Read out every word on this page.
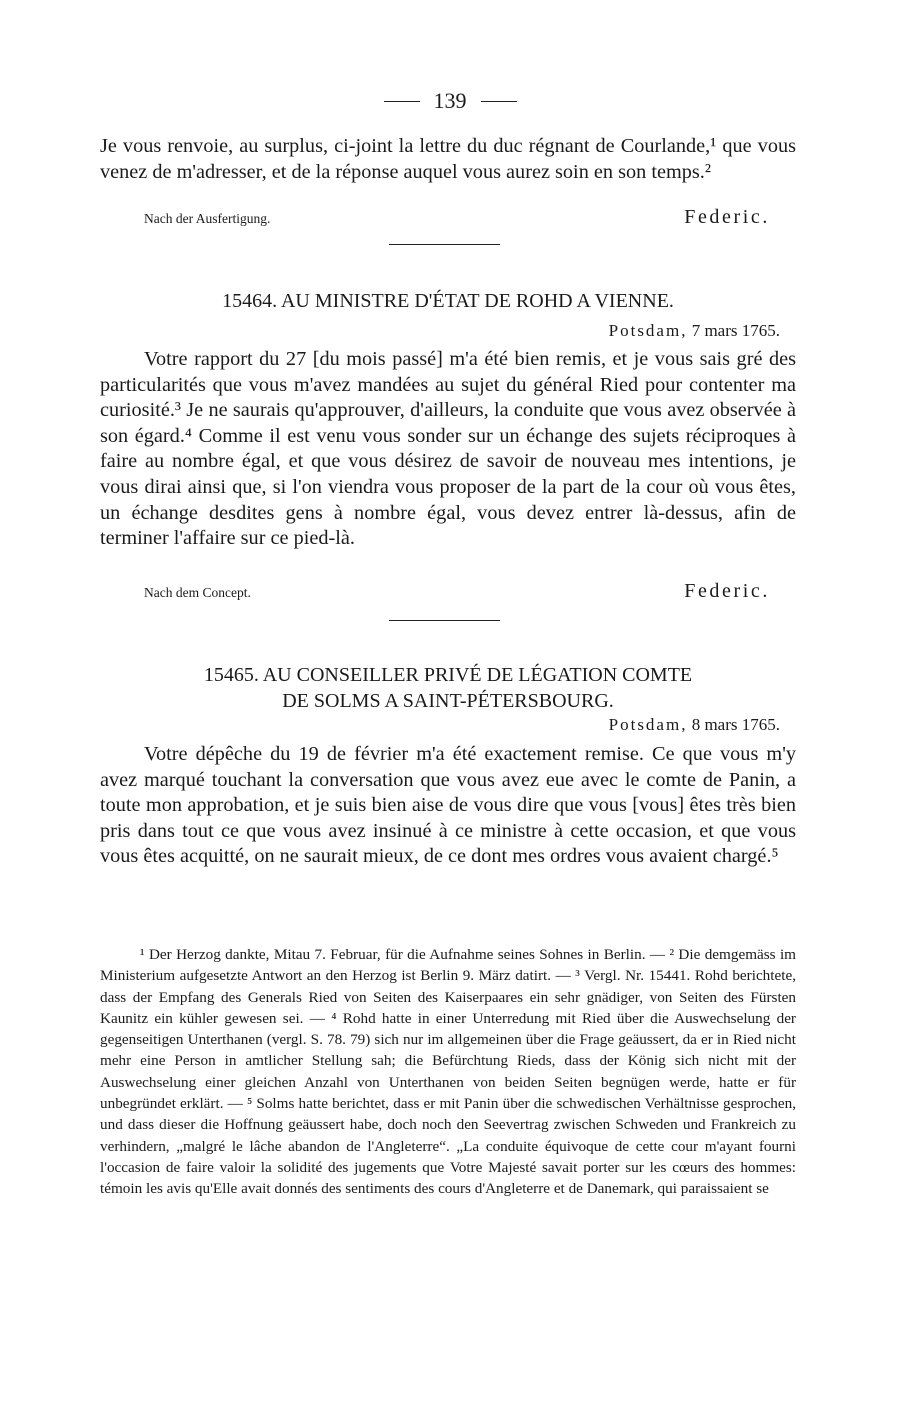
139

Je vous renvoie, au surplus, ci-joint la lettre du duc régnant de Courlande,¹ que vous venez de m'adresser, et de la réponse auquel vous aurez soin en son temps.²

Nach der Ausfertigung.	Federic.
15464. AU MINISTRE D'ÉTAT DE ROHD A VIENNE.
Potsdam, 7 mars 1765.

Votre rapport du 27 [du mois passé] m'a été bien remis, et je vous sais gré des particularités que vous m'avez mandées au sujet du général Ried pour contenter ma curiosité.³ Je ne saurais qu'approuver, d'ailleurs, la conduite que vous avez observée à son égard.⁴ Comme il est venu vous sonder sur un échange des sujets réciproques à faire au nombre égal, et que vous désirez de savoir de nouveau mes intentions, je vous dirai ainsi que, si l'on viendra vous proposer de la part de la cour où vous êtes, un échange desdites gens à nombre égal, vous devez entrer là-dessus, afin de terminer l'affaire sur ce pied-là.

Nach dem Concept.	Federic.
15465. AU CONSEILLER PRIVÉ DE LÉGATION COMTE
DE SOLMS A SAINT-PÉTERSBOURG.
Potsdam, 8 mars 1765.

Votre dépêche du 19 de février m'a été exactement remise. Ce que vous m'y avez marqué touchant la conversation que vous avez eue avec le comte de Panin, a toute mon approbation, et je suis bien aise de vous dire que vous [vous] êtes très bien pris dans tout ce que vous avez insinué à ce ministre à cette occasion, et que vous vous êtes acquitté, on ne saurait mieux, de ce dont mes ordres vous avaient chargé.⁵

¹ Der Herzog dankte, Mitau 7. Februar, für die Aufnahme seines Sohnes in Berlin. — ² Die demgemäss im Ministerium aufgesetzte Antwort an den Herzog ist Berlin 9. März datirt. — ³ Vergl. Nr. 15441. Rohd berichtete, dass der Empfang des Generals Ried von Seiten des Kaiserpaares ein sehr gnädiger, von Seiten des Fürsten Kaunitz ein kühler gewesen sei. — ⁴ Rohd hatte in einer Unterredung mit Ried über die Auswechselung der gegenseitigen Unterthanen (vergl. S. 78. 79) sich nur im allgemeinen über die Frage geäussert, da er in Ried nicht mehr eine Person in amtlicher Stellung sah; die Befürchtung Rieds, dass der König sich nicht mit der Auswechselung einer gleichen Anzahl von Unterthanen von beiden Seiten begnügen werde, hatte er für unbegründet erklärt. — ⁵ Solms hatte berichtet, dass er mit Panin über die schwedischen Verhältnisse gesprochen, und dass dieser die Hoffnung geäussert habe, doch noch den Seevertrag zwischen Schweden und Frankreich zu verhindern, „malgré le lâche abandon de l'Angleterre“. „La conduite équivoque de cette cour m'ayant fourni l'occasion de faire valoir la solidité des jugements que Votre Majesté savait porter sur les cœurs des hommes: témoin les avis qu'Elle avait donnés des sentiments des cours d'Angleterre et de Danemark, qui paraissaient se
